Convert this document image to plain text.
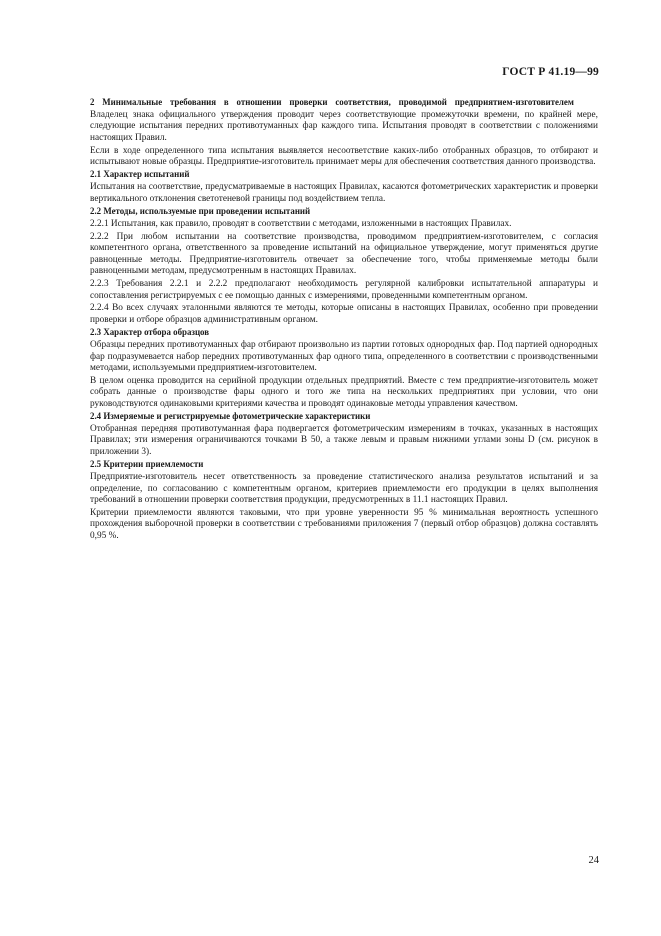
ГОСТ Р 41.19—99

2 Минимальные требования в отношении проверки соответствия, проводимой предприятием-изготовителем

Владелец знака официального утверждения проводит через соответствующие промежуточки времени, по крайней мере, следующие испытания передних противотуманных фар каждого типа. Испытания проводят в соответствии с положениями настоящих Правил.

Если в ходе определенного типа испытания выявляется несоответствие каких-либо отобранных образцов, то отбирают и испытывают новые образцы. Предприятие-изготовитель принимает меры для обеспечения соответствия данного производства.

2.1 Характер испытаний

Испытания на соответствие, предусматриваемые в настоящих Правилах, касаются фотометрических характеристик и проверки вертикального отклонения светотеневой границы под воздействием тепла.

2.2 Методы, используемые при проведении испытаний

2.2.1 Испытания, как правило, проводят в соответствии с методами, изложенными в настоящих Правилах.

2.2.2 При любом испытании на соответствие производства, проводимом предприятием-изготовителем, с согласия компетентного органа, ответственного за проведение испытаний на официальное утверждение, могут применяться другие равноценные методы. Предприятие-изготовитель отвечает за обеспечение того, чтобы применяемые методы были равноценными методам, предусмотренным в настоящих Правилах.

2.2.3 Требования 2.2.1 и 2.2.2 предполагают необходимость регулярной калибровки испытательной аппаратуры и сопоставления регистрируемых с ее помощью данных с измерениями, проведенными компетентным органом.

2.2.4 Во всех случаях эталонными являются те методы, которые описаны в настоящих Правилах, особенно при проведении проверки и отборе образцов административным органом.

2.3 Характер отбора образцов

Образцы передних противотуманных фар отбирают произвольно из партии готовых однородных фар. Под партией однородных фар подразумевается набор передних противотуманных фар одного типа, определенного в соответствии с производственными методами, используемыми предприятием-изготовителем.

В целом оценка проводится на серийной продукции отдельных предприятий. Вместе с тем предприятие-изготовитель может собрать данные о производстве фары одного и того же типа на нескольких предприятиях при условии, что они руководствуются одинаковыми критериями качества и проводят одинаковые методы управления качеством.

2.4 Измеряемые и регистрируемые фотометрические характеристики

Отобранная передняя противотуманная фара подвергается фотометрическим измерениям в точках, указанных в настоящих Правилах; эти измерения ограничиваются точками B 50, а также левым и правым нижними углами зоны D (см. рисунок в приложении 3).

2.5 Критерии приемлемости

Предприятие-изготовитель несет ответственность за проведение статистического анализа результатов испытаний и за определение, по согласованию с компетентным органом, критериев приемлемости его продукции в целях выполнения требований в отношении проверки соответствия продукции, предусмотренных в 11.1 настоящих Правил.

Критерии приемлемости являются таковыми, что при уровне уверенности 95 % минимальная вероятность успешного прохождения выборочной проверки в соответствии с требованиями приложения 7 (первый отбор образцов) должна составлять 0,95 %.

24
